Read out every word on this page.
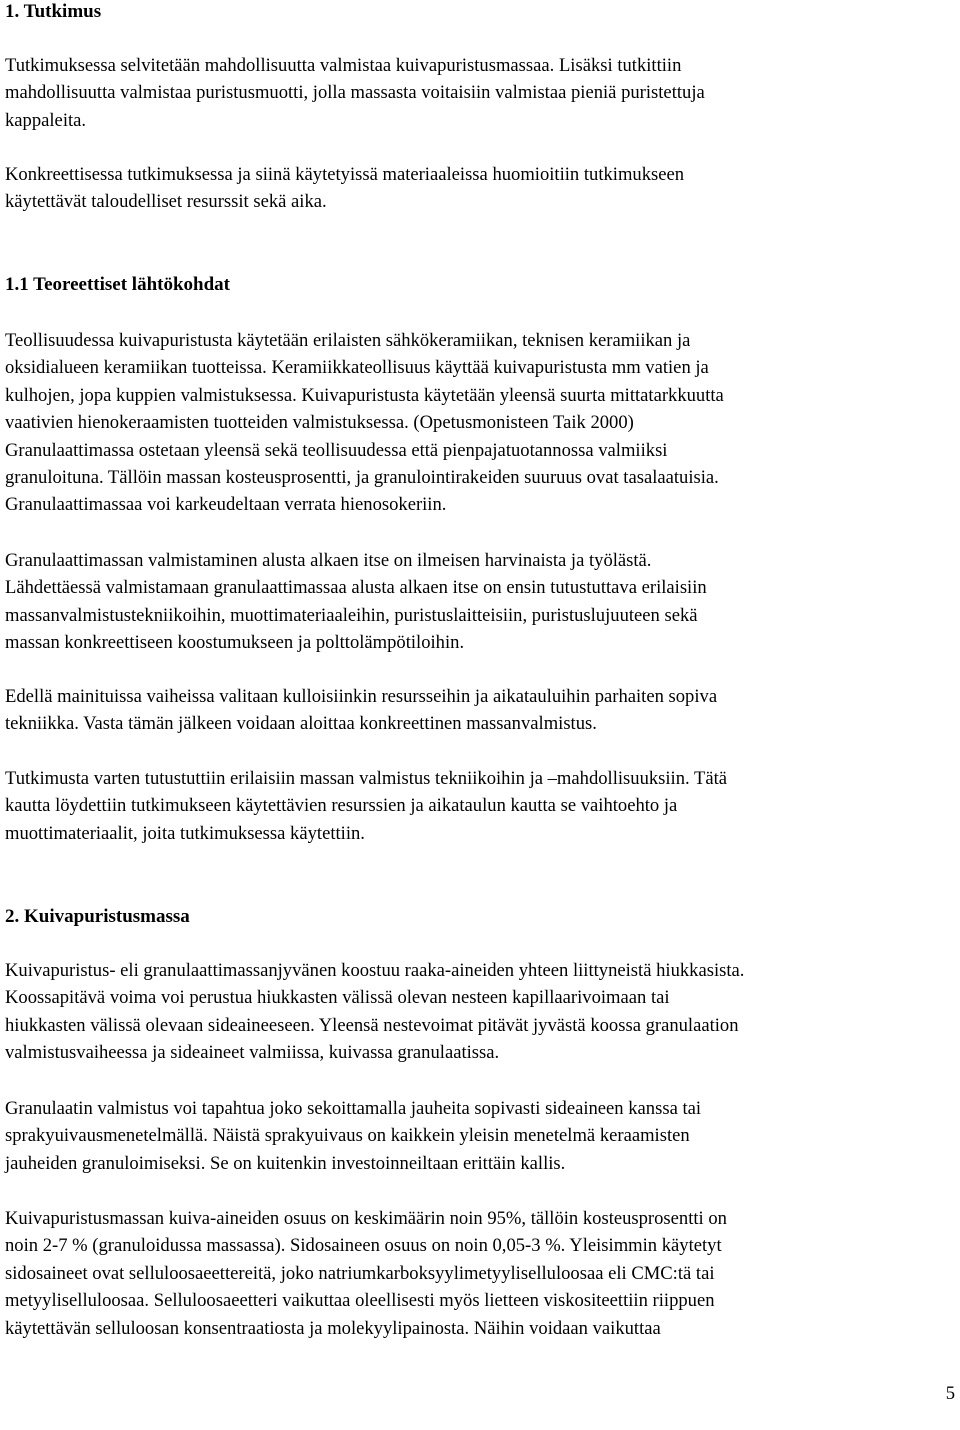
1. Tutkimus

Tutkimuksessa selvitetään mahdollisuutta valmistaa kuivapuristusmassaa. Lisäksi tutkittiin
mahdollisuutta valmistaa puristusmuotti, jolla massasta voitaisiin valmistaa pieniä puristettuja
kappaleita.

Konkreettisessa tutkimuksessa ja siinä käytetyissä materiaaleissa huomioitiin tutkimukseen
käytettävät taloudelliset resurssit sekä aika.

1.1 Teoreettiset lähtökohdat

Teollisuudessa kuivapuristusta käytetään erilaisten sähkökeramiikan, teknisen keramiikan ja
oksidialueen keramiikan tuotteissa. Keramiikkateollisuus käyttää kuivapuristusta mm vatien ja
kulhojen, jopa kuppien valmistuksessa. Kuivapuristusta käytetään yleensä suurta mittatarkkuutta
vaativien hienokeraamisten tuotteiden valmistuksessa. (Opetusmonisteen Taik 2000)
Granulaattimassa ostetaan yleensä sekä teollisuudessa että pienpajatuotannossa valmiiksi
granuloituna. Tällöin massan kosteusprosentti, ja granulointirakeiden suuruus ovat tasalaatuisia.
Granulaattimassaa voi karkeudeltaan verrata hienosokeriin.

Granulaattimassan valmistaminen alusta alkaen itse on ilmeisen harvinaista ja työlästä.
Lähdettäessä valmistamaan granulaattimassaa alusta alkaen itse on ensin tutustuttava erilaisiin
massanvalmistustekniikoihin, muottimateriaaleihin, puristuslaitteisiin, puristuslujuuteen sekä
massan konkreettiseen koostumukseen ja polttolämpötiloihin.

Edellä mainituissa vaiheissa valitaan kulloisiinkin resursseihin ja aikatauluihin parhaiten sopiva
tekniikka. Vasta tämän jälkeen voidaan aloittaa konkreettinen massanvalmistus.

Tutkimusta varten tutustuttiin erilaisiin massan valmistus tekniikoihin ja –mahdollisuuksiin. Tätä
kautta löydettiin tutkimukseen käytettävien resurssien ja aikataulun kautta se vaihtoehto ja
muottimateriaalit, joita tutkimuksessa käytettiin.

2. Kuivapuristusmassa

Kuivapuristus- eli granulaattimassanjyvänen koostuu raaka-aineiden yhteen liittyneistä hiukkasista.
Koossapitävä voima voi perustua hiukkasten välissä olevan nesteen kapillaarivoimaan tai
hiukkasten välissä olevaan sideaineeseen. Yleensä nestevoimat pitävät jyvästä koossa granulaation
valmistusvaiheessa ja sideaineet valmiissa, kuivassa granulaatissa.

Granulaatin valmistus voi tapahtua joko sekoittamalla jauheita sopivasti sideaineen kanssa tai
sprakyuivausmenetelmällä. Näistä sprakyuivaus on kaikkein yleisin menetelmä keraamisten
jauheiden granuloimiseksi. Se on kuitenkin investoinneiltaan erittäin kallis.

Kuivapuristusmassan kuiva-aineiden osuus on keskimäärin noin 95%, tällöin kosteusprosentti on
noin 2-7 % (granuloidussa massassa). Sidosaineen osuus on noin 0,05-3 %. Yleisimmin käytetyt
sidosaineet ovat selluloosaeettereitä, joko natriumkarboksyylimetyyliselluloosaa eli CMC:tä tai
metyyliselluloosaa. Selluloosaeetteri vaikuttaa oleellisesti myös lietteen viskositeettiin riippuen
käytettävän selluloosan konsentraatiosta ja molekyylipainosta. Näihin voidaan vaikuttaa

5
